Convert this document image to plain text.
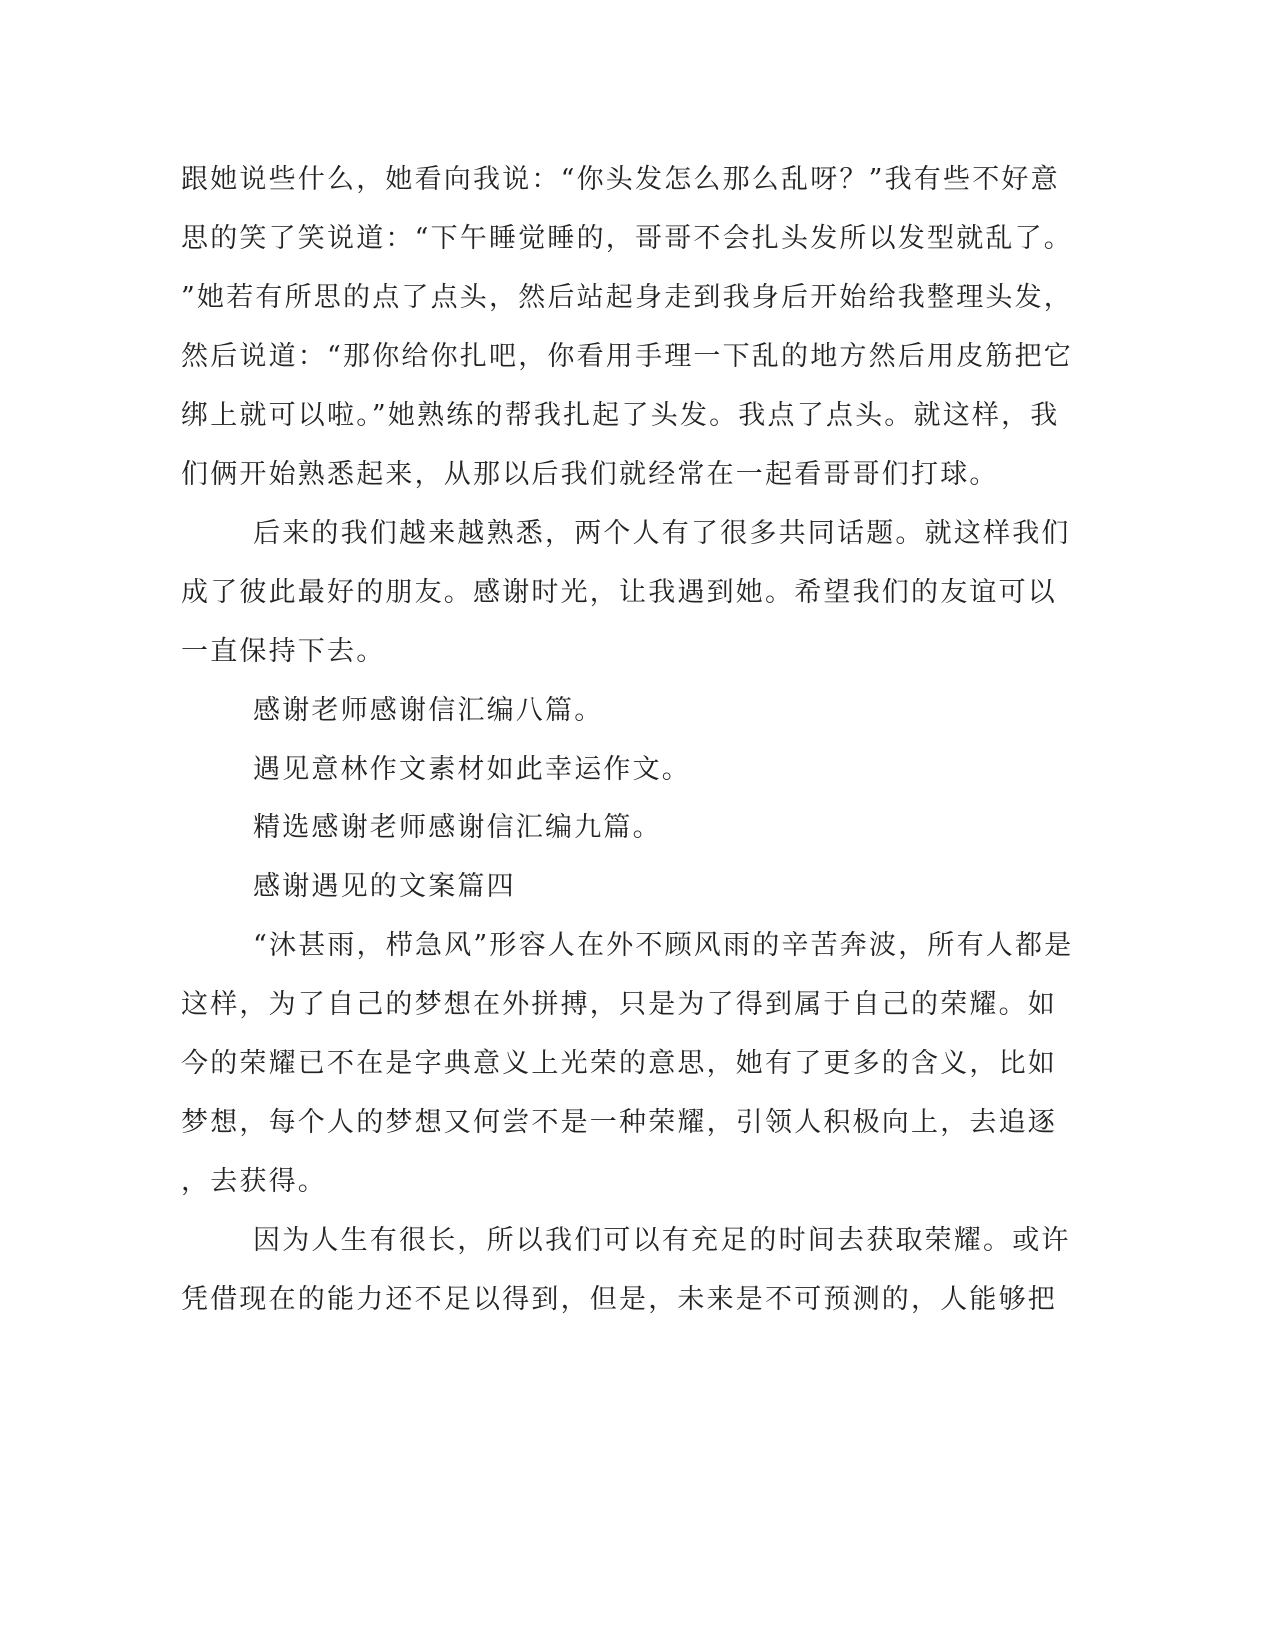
跟她说些什么，她看向我说：“你头发怎么那么乱呀？”我有些不好意
思的笑了笑说道：“下午睡觉睡的，哥哥不会扎头发所以发型就乱了。
”她若有所思的点了点头，然后站起身走到我身后开始给我整理头发，
然后说道：“那你给你扎吧，你看用手理一下乱的地方然后用皮筋把它
绑上就可以啦。”她熟练的帮我扎起了头发。我点了点头。就这样，我
们俩开始熟悉起来，从那以后我们就经常在一起看哥哥们打球。
后来的我们越来越熟悉，两个人有了很多共同话题。就这样我们
成了彼此最好的朋友。感谢时光，让我遇到她。希望我们的友谊可以
一直保持下去。
感谢老师感谢信汇编八篇。
遇见意林作文素材如此幸运作文。
精选感谢老师感谢信汇编九篇。
感谢遇见的文案篇四
“沐甚雨，栉急风”形容人在外不顾风雨的辛苦奔波，所有人都是
这样，为了自己的梦想在外拼搏，只是为了得到属于自己的荣耀。如
今的荣耀已不在是字典意义上光荣的意思，她有了更多的含义，比如
梦想，每个人的梦想又何尝不是一种荣耀，引领人积极向上，去追逐
，去获得。
因为人生有很长，所以我们可以有充足的时间去获取荣耀。或许
凭借现在的能力还不足以得到，但是，未来是不可预测的，人能够把
